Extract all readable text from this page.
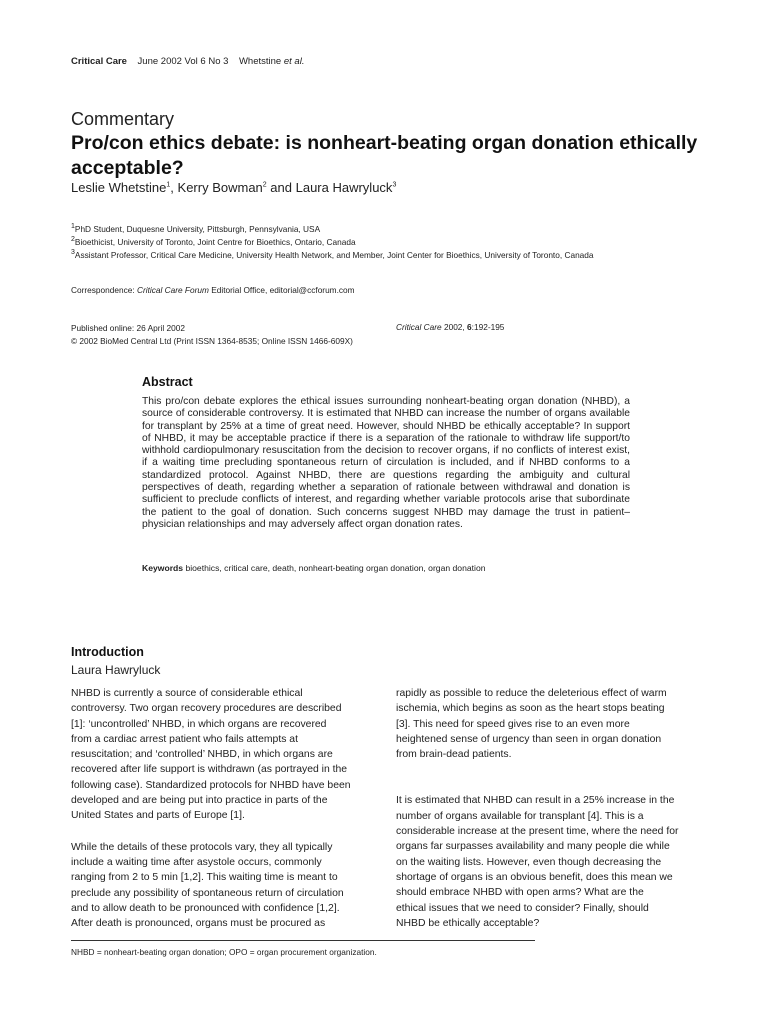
Critical Care June 2002 Vol 6 No 3 Whetstine et al.
Commentary
Pro/con ethics debate: is nonheart-beating organ donation ethically acceptable?
Leslie Whetstine$^1$, Kerry Bowman$^2$ and Laura Hawryluck$^3$
$^1$PhD Student, Duquesne University, Pittsburgh, Pennsylvania, USA
$^2$Bioethicist, University of Toronto, Joint Centre for Bioethics, Ontario, Canada
$^3$Assistant Professor, Critical Care Medicine, University Health Network, and Member, Joint Center for Bioethics, University of Toronto, Canada
Correspondence: Critical Care Forum Editorial Office, editorial@ccforum.com
Published online: 26 April 2002
© 2002 BioMed Central Ltd (Print ISSN 1364-8535; Online ISSN 1466-609X)
Critical Care 2002, 6:192-195
Abstract
This pro/con debate explores the ethical issues surrounding nonheart-beating organ donation (NHBD), a source of considerable controversy. It is estimated that NHBD can increase the number of organs available for transplant by 25% at a time of great need. However, should NHBD be ethically acceptable? In support of NHBD, it may be acceptable practice if there is a separation of the rationale to withdraw life support/to withhold cardiopulmonary resuscitation from the decision to recover organs, if no conflicts of interest exist, if a waiting time precluding spontaneous return of circulation is included, and if NHBD conforms to a standardized protocol. Against NHBD, there are questions regarding the ambiguity and cultural perspectives of death, regarding whether a separation of rationale between withdrawal and donation is sufficient to preclude conflicts of interest, and regarding whether variable protocols arise that subordinate the patient to the goal of donation. Such concerns suggest NHBD may damage the trust in patient–physician relationships and may adversely affect organ donation rates.
Keywords bioethics, critical care, death, nonheart-beating organ donation, organ donation
Introduction
Laura Hawryluck

NHBD is currently a source of considerable ethical
controversy. Two organ recovery procedures are described
[1]: ‘uncontrolled’ NHBD, in which organs are recovered
from a cardiac arrest patient who fails attempts at
resuscitation; and ‘controlled’ NHBD, in which organs are
recovered after life support is withdrawn (as portrayed in the
following case). Standardized protocols for NHBD have been
developed and are being put into practice in parts of the
United States and parts of Europe [1].

While the details of these protocols vary, they all typically
include a waiting time after asystole occurs, commonly
ranging from 2 to 5 min [1,2]. This waiting time is meant to
preclude any possibility of spontaneous return of circulation
and to allow death to be pronounced with confidence [1,2].
After death is pronounced, organs must be procured as

rapidly as possible to reduce the deleterious effect of warm
ischemia, which begins as soon as the heart stops beating
[3]. This need for speed gives rise to an even more
heightened sense of urgency than seen in organ donation
from brain-dead patients.

It is estimated that NHBD can result in a 25% increase in the
number of organs available for transplant [4]. This is a
considerable increase at the present time, where the need for
organs far surpasses availability and many people die while
on the waiting lists. However, even though decreasing the
shortage of organs is an obvious benefit, does this mean we
should embrace NHBD with open arms? What are the
ethical issues that we need to consider? Finally, should
NHBD be ethically acceptable?

NHBD = nonheart-beating organ donation; OPO = organ procurement organization.
